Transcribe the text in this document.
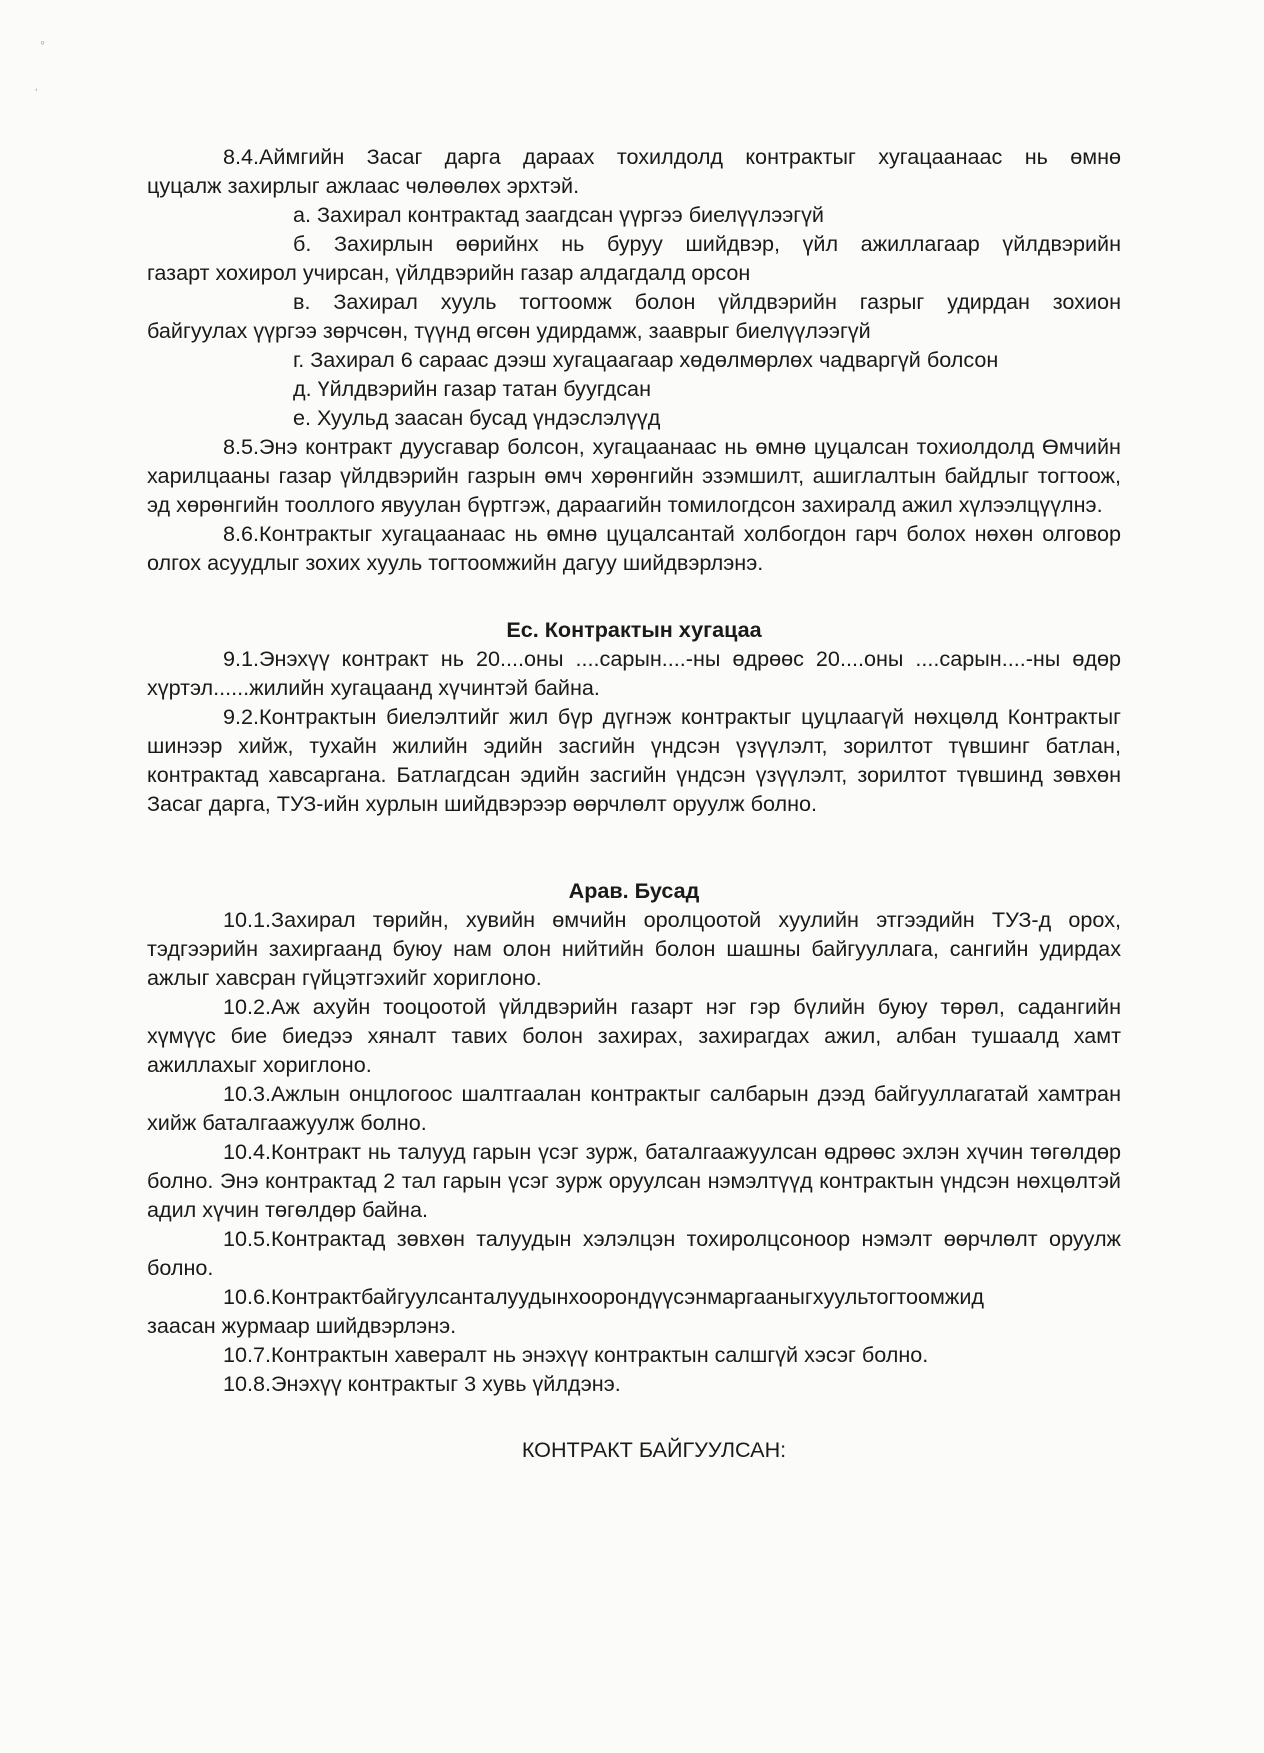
◦
ʾ

8.4.Аймгийн Засаг дарга дараах тохилдолд контрактыг хугацаанаас нь өмнө

цуцалж захирлыг ажлаас чөлөөлөх эрхтэй.

а. Захирал контрактад заагдсан үүргээ биелүүлээгүй

б. Захирлын өөрийнх нь буруу шийдвэр, үйл ажиллагаар үйлдвэрийн

газарт хохирол учирсан, үйлдвэрийн газар алдагдалд орсон

в. Захирал хууль тогтоомж болон үйлдвэрийн газрыг удирдан зохион

байгуулах үүргээ зөрчсөн, түүнд өгсөн удирдамж, зааврыг биелүүлээгүй

г. Захирал 6 сараас дээш хугацаагаар хөдөлмөрлөх чадваргүй болсон

д. Үйлдвэрийн газар татан буугдсан

е. Хуульд заасан бусад үндэслэлүүд

8.5.Энэ контракт дуусгавар болсон, хугацаанаас нь өмнө цуцалсан тохиолдолд Өмчийн харилцааны газар үйлдвэрийн газрын өмч хөрөнгийн эзэмшилт, ашиглалтын байдлыг тогтоож, эд хөрөнгийн тооллого явуулан бүртгэж, дараагийн томилогдсон захиралд ажил хүлээлцүүлнэ.

8.6.Контрактыг хугацаанаас нь өмнө цуцалсантай холбогдон гарч болох нөхөн олговор олгох асуудлыг зохих хууль тогтоомжийн дагуу шийдвэрлэнэ.

Ес. Контрактын хугацаа

9.1.Энэхүү контракт нь 20....оны ....сарын....-ны өдрөөс 20....оны ....сарын....-ны өдөр хүртэл......жилийн хугацаанд хүчинтэй байна.

9.2.Контрактын биелэлтийг жил бүр дүгнэж контрактыг цуцлаагүй нөхцөлд Контрактыг шинээр хийж, тухайн жилийн эдийн засгийн үндсэн үзүүлэлт, зорилтот түвшинг батлан, контрактад хавсаргана. Батлагдсан эдийн засгийн үндсэн үзүүлэлт, зорилтот түвшинд зөвхөн Засаг дарга, ТУЗ-ийн хурлын шийдвэрээр өөрчлөлт оруулж болно.

Арав. Бусад

10.1.Захирал төрийн, хувийн өмчийн оролцоотой хуулийн этгээдийн ТУЗ-д орох, тэдгээрийн захиргаанд буюу нам олон нийтийн болон шашны байгууллага, сангийн удирдах ажлыг хавсран гүйцэтгэхийг хориглоно.

10.2.Аж ахуйн тооцоотой үйлдвэрийн газарт нэг гэр бүлийн буюу төрөл, садангийн хүмүүс бие биедээ хяналт тавих болон захирах, захирагдах ажил, албан тушаалд хамт ажиллахыг хориглоно.

10.3.Ажлын онцлогоос шалтгаалан контрактыг салбарын дээд байгууллагатай хамтран хийж баталгаажуулж болно.

10.4.Контракт нь талууд гарын үсэг зурж, баталгаажуулсан өдрөөс эхлэн хүчин төгөлдөр болно. Энэ контрактад 2 тал гарын үсэг зурж оруулсан нэмэлтүүд контрактын үндсэн нөхцөлтэй адил хүчин төгөлдөр байна.

10.5.Контрактад зөвхөн талуудын хэлэлцэн тохиролцсоноор нэмэлт өөрчлөлт оруулж болно.

10.6.Контрактбайгуулсанталуудынхоорондүүсэнмаргааныгхуультогтоомжид

заасан журмаар шийдвэрлэнэ.

10.7.Контрактын хавералт нь энэхүү контрактын салшгүй хэсэг болно.

10.8.Энэхүү контрактыг 3 хувь үйлдэнэ.

КОНТРАКТ БАЙГУУЛСАН:
